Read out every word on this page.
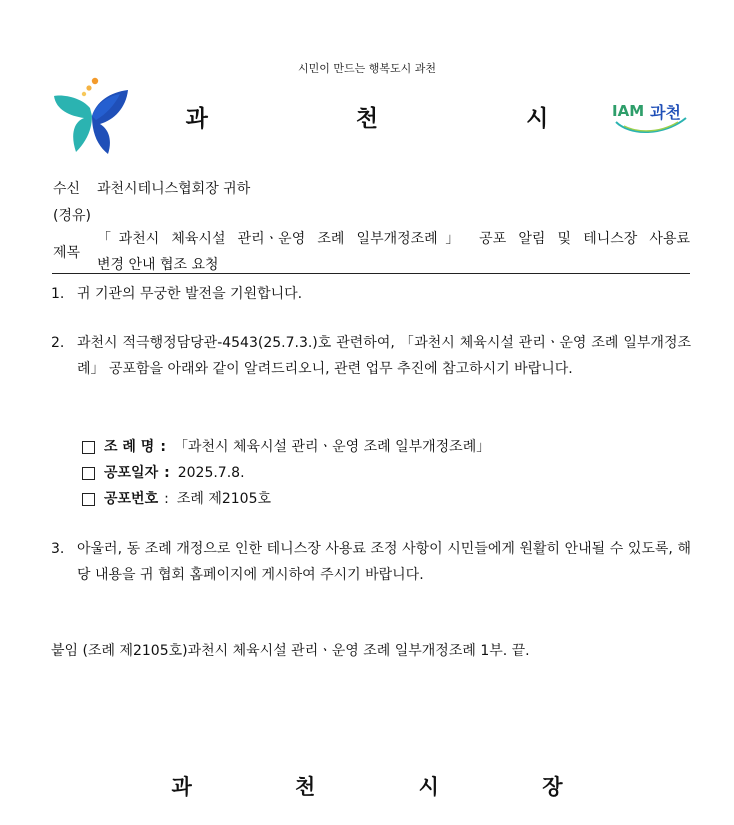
시민이 만드는 행복도시 과천
과 천 시
IAM 과천
수신 과천시테니스협회장 귀하
(경유)
제목
「과천시 체육시설 관리ㆍ운영 조례 일부개정조례」 공포 알림 및 테니스장 사용료
변경 안내 협조 요청
1. 귀 기관의 무궁한 발전을 기원합니다.
2. 과천시 적극행정담당관-4543(25.7.3.)호 관련하여, 「과천시 체육시설 관리ㆍ운영 조례 일부개정조례」 공포함을 아래와 같이 알려드리오니, 관련 업무 추진에 참고하시기 바랍니다.
조 례 명 : 「과천시 체육시설 관리ㆍ운영 조례 일부개정조례」
공포일자 : 2025.7.8.
공포번호 : 조례 제2105호
3. 아울러, 동 조례 개정으로 인한 테니스장 사용료 조정 사항이 시민들에게 원활히 안내될 수 있도록, 해당 내용을 귀 협회 홈페이지에 게시하여 주시기 바랍니다.
붙임 (조례 제2105호)과천시 체육시설 관리ㆍ운영 조례 일부개정조례 1부. 끝.
과 천 시 장
